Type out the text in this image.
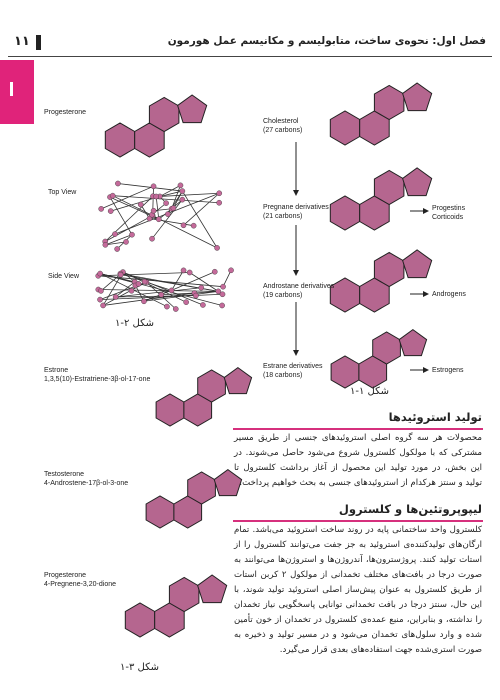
۱۱	فصل اول: نحوه‌ی ساخت، متابولیسم و مکانیسم عمل هورمون
Progesterone
Top View
Side View
شکل ۲-۱
Estrone
1,3,5(10)-Estratriene-3β-ol-17-one
Testosterone
4-Androstene-17β-ol-3-one
Progesterone
4-Pregnene-3,20-dione
شکل ۳-۱
Cholesterol
(27 carbons)
Pregnane derivatives
(21 carbons)
Progestins
Corticoids
Androstane derivatives
(19 carbons)	Androgens
Estrane derivatives
(18 carbons)
Estrogens
شکل ۱-۱
تولید استروئیدها
محصولات هر سه گروه اصلی استروئیدهای جنسی از طریق مسیر مشترکی که با مولکول کلسترول شروع می‌شود حاصل می‌شوند. در این بخش، در مورد تولید این محصول از آغاز برداشت کلسترول تا تولید و سنتز هرکدام از استروئیدهای جنسی به بحث خواهیم پرداخت.
لیپوپروتئین‌ها و کلسترول
کلسترول واحد ساختمانی پایه در روند ساخت استروئید می‌باشد. تمام ارگان‌های تولیدکننده‌ی استروئید به جز جفت می‌توانند کلسترول را از استات تولید کنند. پروژسترون‌ها، آندروژن‌ها و استروژن‌ها می‌توانند به صورت درجا در بافت‌های مختلف تخمدانی از مولکول ۲ کربن استات از طریق کلسترول به عنوان پیش‌ساز اصلی استروئید تولید شوند، با این حال، سنتز درجا در بافت تخمدانی توانایی پاسخگویی نیاز تخمدان را نداشته، و بنابراین، منبع عمده‌ی کلسترول در تخمدان از خون تأمین شده و وارد سلول‌های تخمدان می‌شود و در مسیر تولید و ذخیره به صورت استری‌شده جهت استفاده‌های بعدی قرار می‌گیرد.
